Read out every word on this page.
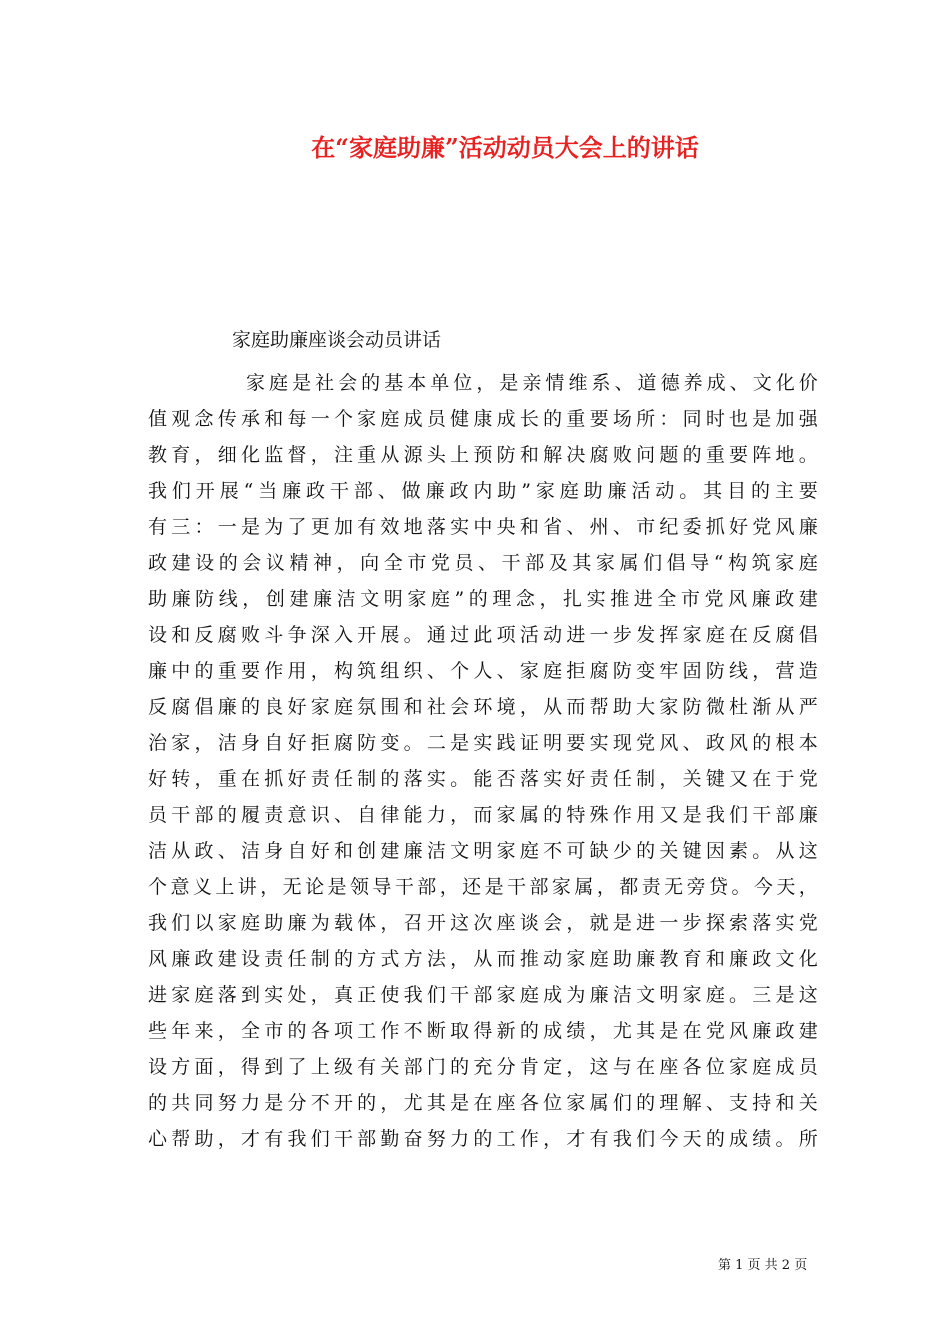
在“家庭助廉”活动动员大会上的讲话
家庭助廉座谈会动员讲话
家庭是社会的基本单位，是亲情维系、道德养成、文化价
值观念传承和每一个家庭成员健康成长的重要场所：同时也是加强
教育，细化监督，注重从源头上预防和解决腐败问题的重要阵地。
我们开展“当廉政干部、做廉政内助”家庭助廉活动。其目的主要
有三：一是为了更加有效地落实中央和省、州、市纪委抓好党风廉
政建设的会议精神，向全市党员、干部及其家属们倡导“构筑家庭
助廉防线，创建廉洁文明家庭”的理念，扎实推进全市党风廉政建
设和反腐败斗争深入开展。通过此项活动进一步发挥家庭在反腐倡
廉中的重要作用，构筑组织、个人、家庭拒腐防变牢固防线，营造
反腐倡廉的良好家庭氛围和社会环境，从而帮助大家防微杜渐从严
治家，洁身自好拒腐防变。二是实践证明要实现党风、政风的根本
好转，重在抓好责任制的落实。能否落实好责任制，关键又在于党
员干部的履责意识、自律能力，而家属的特殊作用又是我们干部廉
洁从政、洁身自好和创建廉洁文明家庭不可缺少的关键因素。从这
个意义上讲，无论是领导干部，还是干部家属，都责无旁贷。今天，
我们以家庭助廉为载体，召开这次座谈会，就是进一步探索落实党
风廉政建设责任制的方式方法，从而推动家庭助廉教育和廉政文化
进家庭落到实处，真正使我们干部家庭成为廉洁文明家庭。三是这
些年来，全市的各项工作不断取得新的成绩，尤其是在党风廉政建
设方面，得到了上级有关部门的充分肯定，这与在座各位家庭成员
的共同努力是分不开的，尤其是在座各位家属们的理解、支持和关
心帮助，才有我们干部勤奋努力的工作，才有我们今天的成绩。所
第 1 页 共 2 页
